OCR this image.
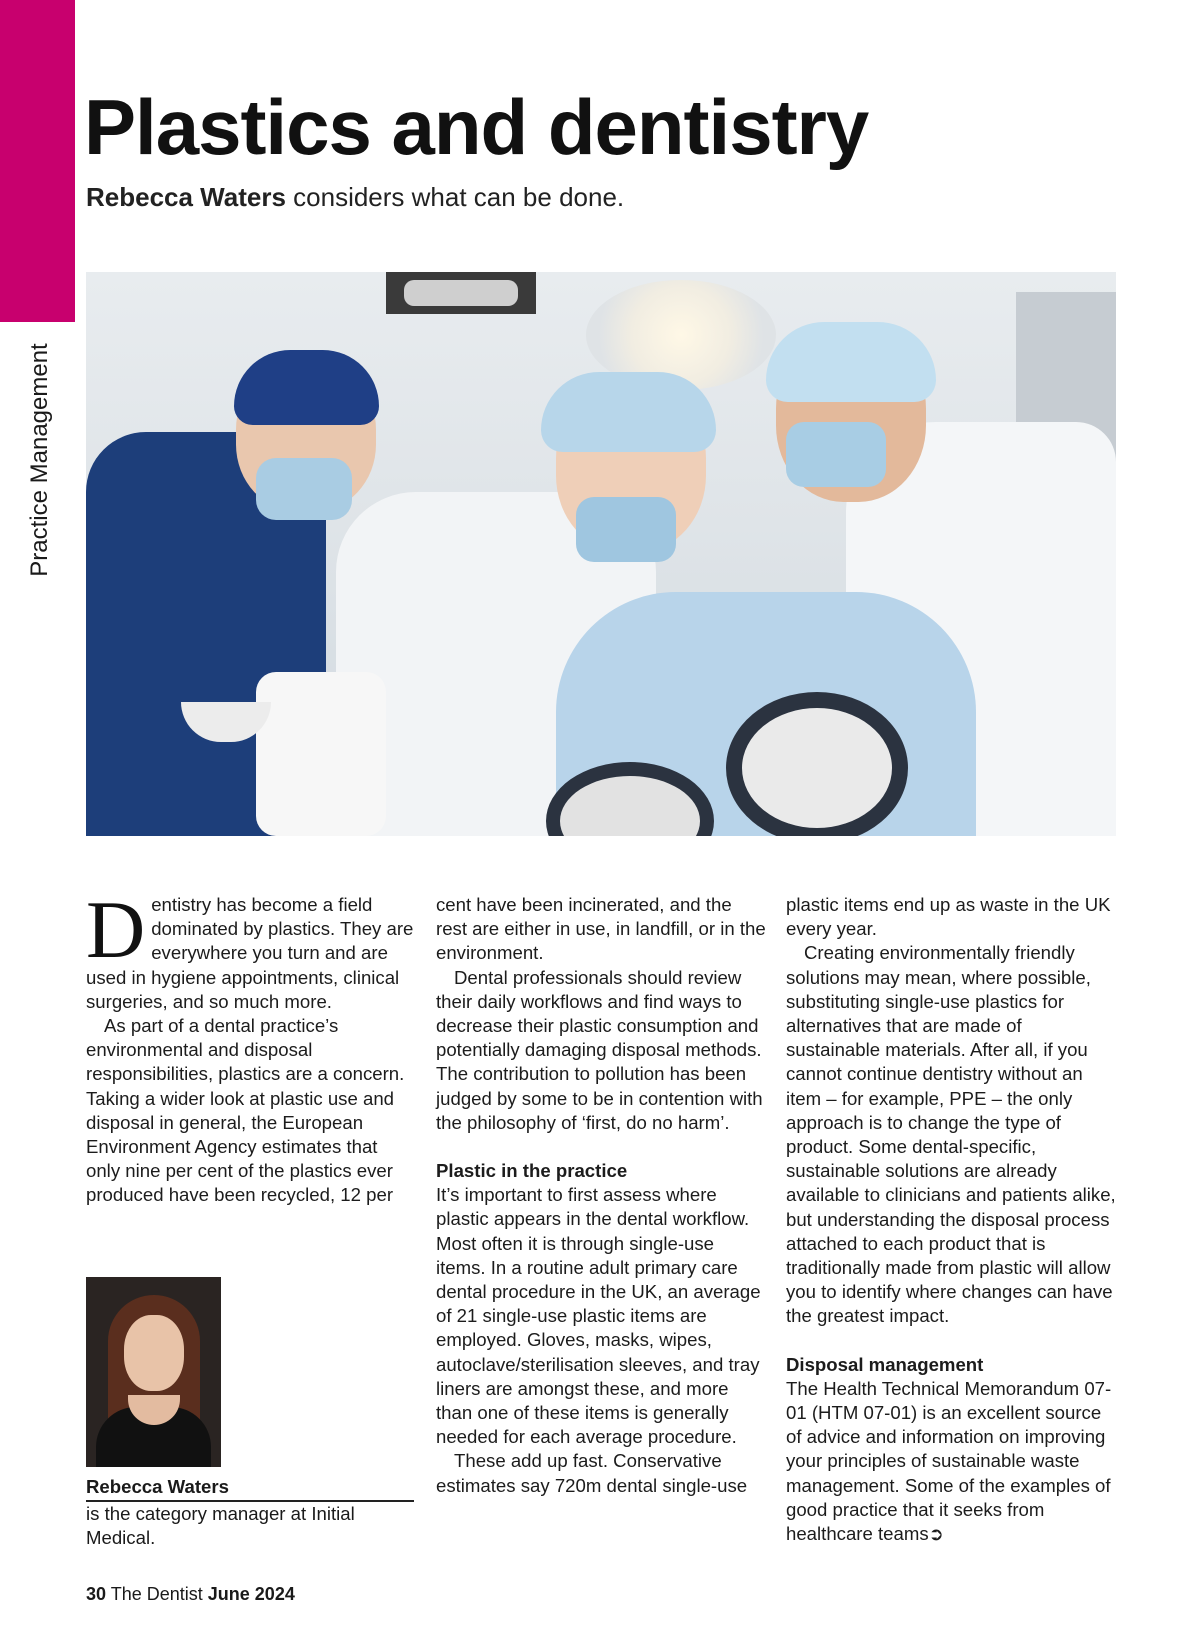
Practice Management
Plastics and dentistry
Rebecca Waters considers what can be done.

Dentistry has become a field dominated by plastics. They are everywhere you turn and are used in hygiene appointments, clinical surgeries, and so much more.

As part of a dental practice’s environmental and disposal responsibilities, plastics are a concern. Taking a wider look at plastic use and disposal in general, the European Environment Agency estimates that only nine per cent of the plastics ever produced have been recycled, 12 per

cent have been incinerated, and the rest are either in use, in landfill, or in the environment.

Dental professionals should review their daily workflows and find ways to decrease their plastic consumption and potentially damaging disposal methods. The contribution to pollution has been judged by some to be in contention with the philosophy of ‘first, do no harm’.

Plastic in the practice

It’s important to first assess where plastic appears in the dental workflow. Most often it is through single-use items. In a routine adult primary care dental procedure in the UK, an average of 21 single-use plastic items are employed. Gloves, masks, wipes, autoclave/sterilisation sleeves, and tray liners are amongst these, and more than one of these items is generally needed for each average procedure.

These add up fast. Conservative estimates say 720m dental single-use

plastic items end up as waste in the UK every year.

Creating environmentally friendly solutions may mean, where possible, substituting single-use plastics for alternatives that are made of sustainable materials. After all, if you cannot continue dentistry without an item – for example, PPE – the only approach is to change the type of product. Some dental-specific, sustainable solutions are already available to clinicians and patients alike, but understanding the disposal process attached to each product that is traditionally made from plastic will allow you to identify where changes can have the greatest impact.

Disposal management

The Health Technical Memorandum 07-01 (HTM 07-01) is an excellent source of advice and information on improving your principles of sustainable waste management. Some of the examples of good practice that it seeks from healthcare teams➲

Rebecca Waters
is the category manager at Initial Medical.
30 The Dentist June 2024
